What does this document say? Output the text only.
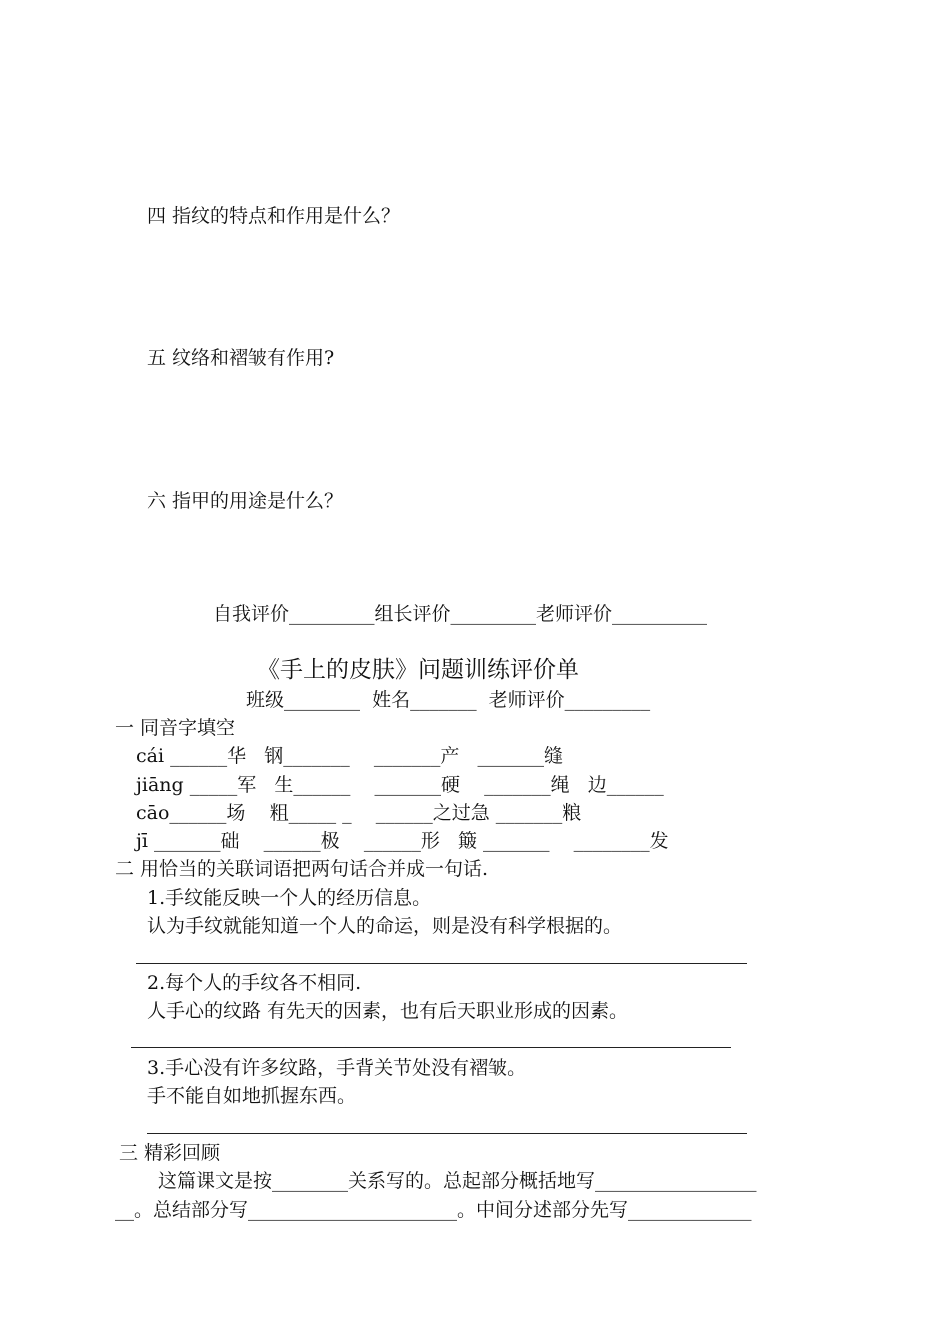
四 指纹的特点和作用是什么？
五 纹络和褶皱有作用?
六 指甲的用途是什么？
自我评价_________组长评价_________老师评价__________
《手上的皮肤》问题训练评价单
班级________  姓名_______  老师评价_________
一 同音字填空
cái ______华   钢_______    _______产   _______缝
jiāng _____军   生______    _______硬    _______绳   边______
cāo______场    粗_____ _    ______之过急 _______粮
jī _______础    ______极    ______形   簸 _______    ________发
二 用恰当的关联词语把两句话合并成一句话.
1.手纹能反映一个人的经历信息。
认为手纹就能知道一个人的命运，则是没有科学根据的。
2.每个人的手纹各不相同.
人手心的纹路 有先天的因素，也有后天职业形成的因素。
3.手心没有许多纹路，手背关节处没有褶皱。
手不能自如地抓握东西。
三 精彩回顾
这篇课文是按________关系写的。总起部分概括地写_________________
__。总结部分写______________________。中间分述部分先写_____________
